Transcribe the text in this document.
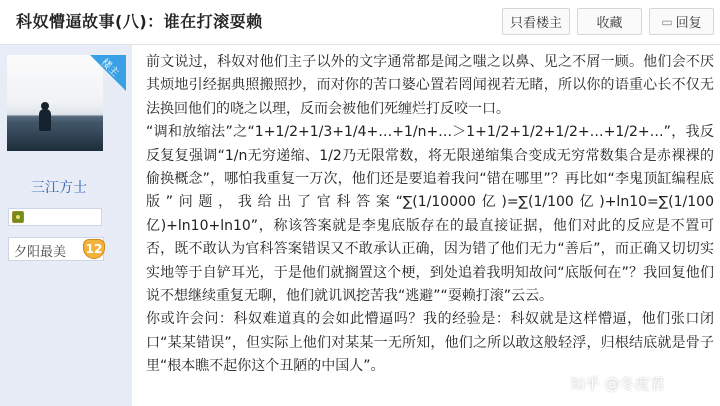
科奴懵逼故事(八)：谁在打滚耍赖	只看楼主	收藏	▭ 回复
楼主
三江方士
夕阳最美 12

前文说过，科奴对他们主子以外的文字通常都是闻之嗤之以鼻、见之不屑一顾。他们会不厌其烦地引经据典照搬照抄，而对你的苦口婆心置若罔闻视若无睹，所以你的语重心长不仅无法换回他们的哓之以理，反而会被他们死缠烂打反咬一口。

“调和放缩法”之“1+1/2+1/3+1/4+…+1/n+…＞1+1/2+1/2+1/2+…+1/2+…”，我反反复复强调“1/n无穷递缩、1/2乃无限常数，将无限递缩集合变成无穷常数集合是赤裸裸的偷换概念”，哪怕我重复一万次，他们还是要追着我问“错在哪里”？再比如“李鬼顶缸编程底版”问题，我给出了官科答案“∑(1/10000亿)=∑(1/100亿)+ln10=∑(1/100亿)+ln10+ln10”，称该答案就是李鬼底版存在的最直接证据，他们对此的反应是不置可否，既不敢认为官科答案错误又不敢承认正确，因为错了他们无力“善后”，而正确又切切实实地等于自铲耳光，于是他们就搁置这个梗，到处追着我明知故问“底版何在”？我回复他们说不想继续重复无聊，他们就讥讽挖苦我“逃避”“耍赖打滚”云云。

你或许会问：科奴难道真的会如此懵逼吗？我的经验是：科奴就是这样懵逼，他们张口闭口“某某错误”，但实际上他们对某某一无所知，他们之所以敢这般轻浮，归根结底就是骨子里“根本瞧不起你这个丑陋的中国人”。

知乎 @冬度君
